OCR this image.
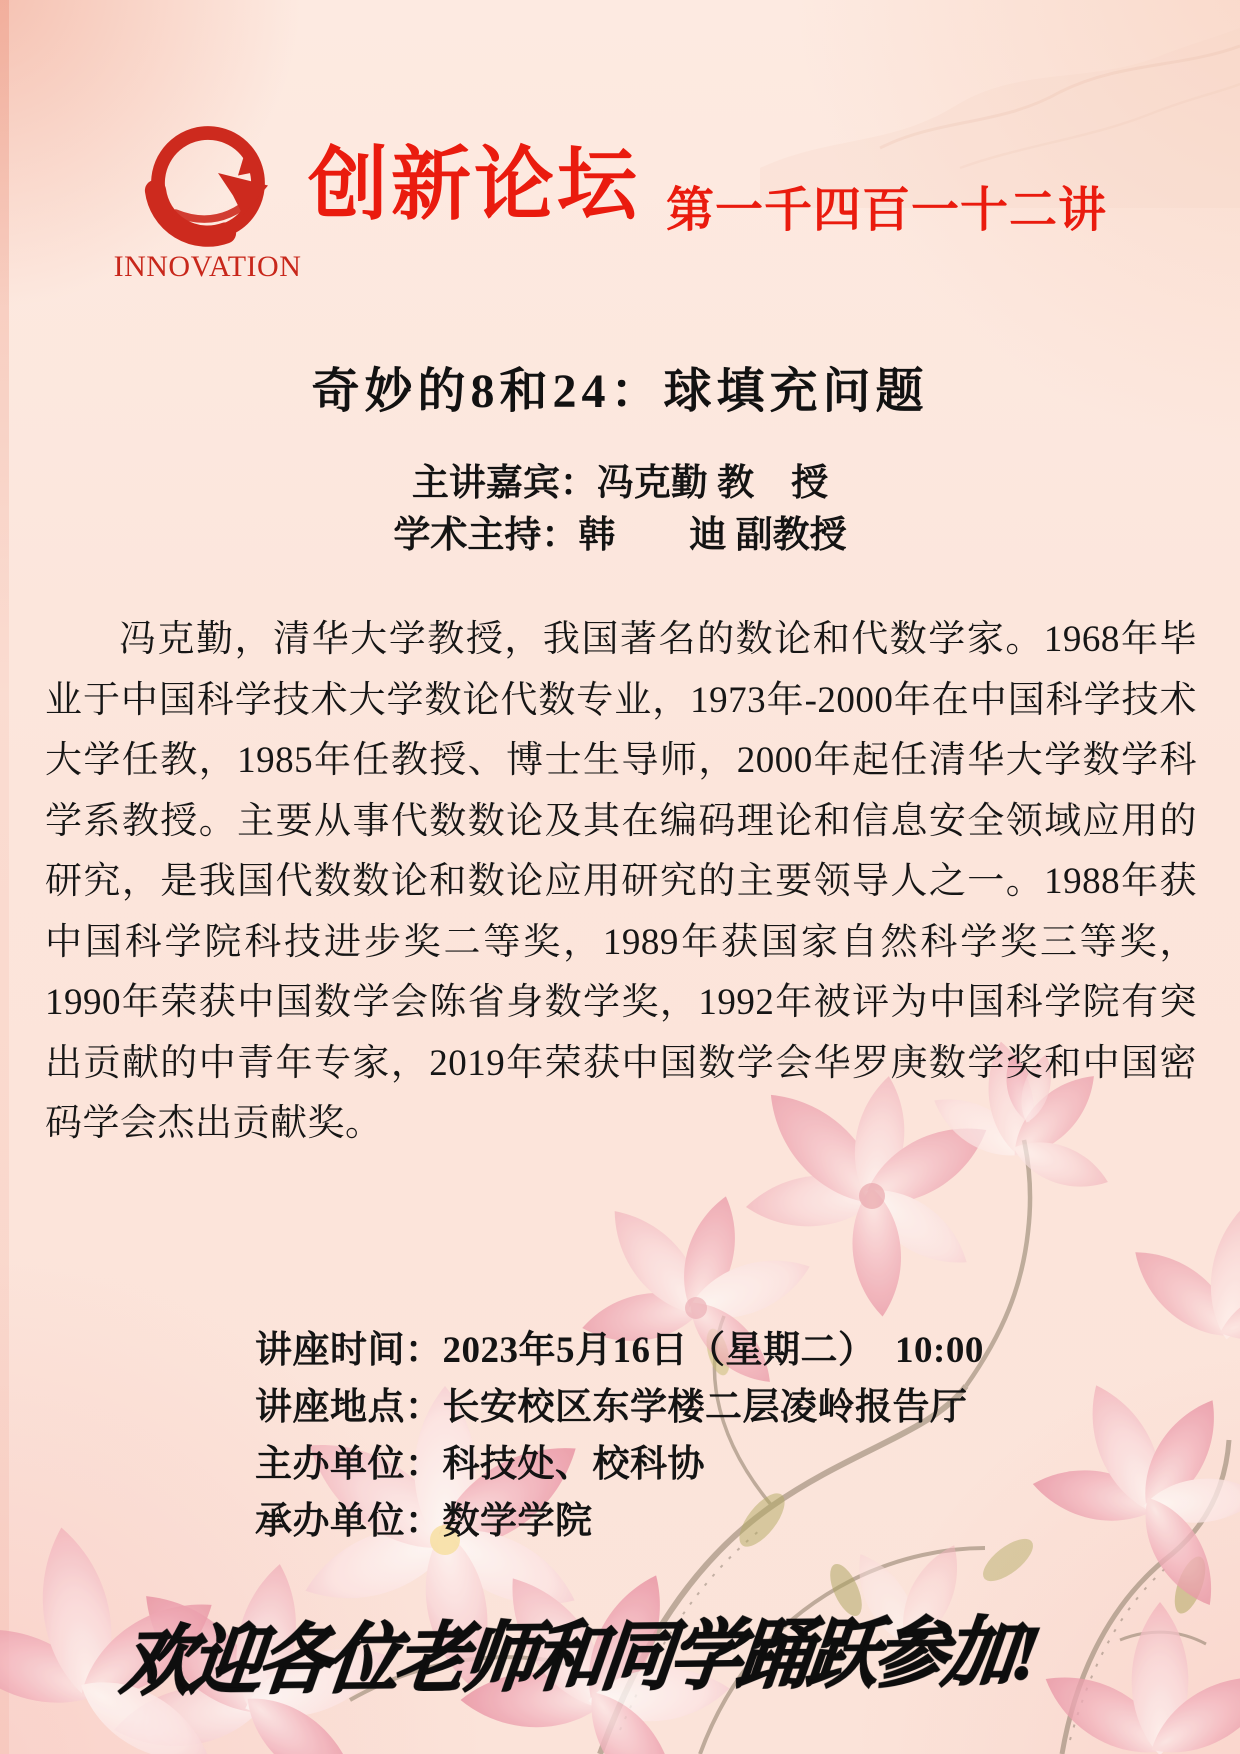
INNOVATION
创新论坛 第一千四百一十二讲
奇妙的8和24：球填充问题
主讲嘉宾：冯克勤 教　授
学术主持：韩　　迪 副教授

冯克勤，清华大学教授，我国著名的数论和代数学家。1968年毕业于中国科学技术大学数论代数专业，1973年-2000年在中国科学技术大学任教，1985年任教授、博士生导师，2000年起任清华大学数学科学系教授。主要从事代数数论及其在编码理论和信息安全领域应用的研究，是我国代数数论和数论应用研究的主要领导人之一。1988年获中国科学院科技进步奖二等奖，1989年获国家自然科学奖三等奖，1990年荣获中国数学会陈省身数学奖，1992年被评为中国科学院有突出贡献的中青年专家，2019年荣获中国数学会华罗庚数学奖和中国密码学会杰出贡献奖。

讲座时间：2023年5月16日（星期二）  10:00
讲座地点：长安校区东学楼二层凌岭报告厅
主办单位：科技处、校科协
承办单位：数学学院
欢迎各位老师和同学踊跃参加!
